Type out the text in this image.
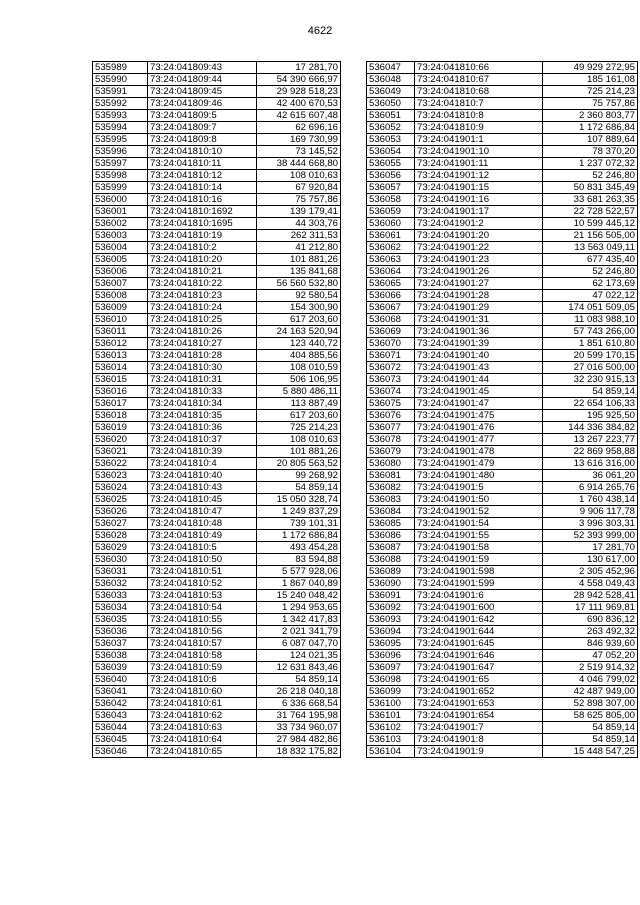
4622
535989	73:24:041809:43	17 281,70
535990	73:24:041809:44	54 390 666,97
535991	73:24:041809:45	29 928 518,23
535992	73:24:041809:46	42 400 670,53
535993	73:24:041809:5	42 615 607,48
535994	73:24:041809:7	62 696,16
535995	73:24:041809:8	169 730,99
535996	73:24:041810:10	73 145,52
535997	73:24:041810:11	38 444 668,80
535998	73:24:041810:12	108 010,63
535999	73:24:041810:14	67 920,84
536000	73:24:041810:16	75 757,86
536001	73:24:041810:1692	139 179,41
536002	73:24:041810:1695	44 303,76
536003	73:24:041810:19	262 311,53
536004	73:24:041810:2	41 212,80
536005	73:24:041810:20	101 881,26
536006	73:24:041810:21	135 841,68
536007	73:24:041810:22	56 560 532,80
536008	73:24:041810:23	92 580,54
536009	73:24:041810:24	154 300,90
536010	73:24:041810:25	617 203,60
536011	73:24:041810:26	24 163 520,94
536012	73:24:041810:27	123 440,72
536013	73:24:041810:28	404 885,56
536014	73:24:041810:30	108 010,59
536015	73:24:041810:31	506 106,95
536016	73:24:041810:33	5 880 486,11
536017	73:24:041810:34	113 887,49
536018	73:24:041810:35	617 203,60
536019	73:24:041810:36	725 214,23
536020	73:24:041810:37	108 010,63
536021	73:24:041810:39	101 881,26
536022	73:24:041810:4	20 805 563,52
536023	73:24:041810:40	99 268,92
536024	73:24:041810:43	54 859,14
536025	73:24:041810:45	15 050 328,74
536026	73:24:041810:47	1 249 837,29
536027	73:24:041810:48	739 101,31
536028	73:24:041810:49	1 172 686,84
536029	73:24:041810:5	493 454,28
536030	73:24:041810:50	83 594,88
536031	73:24:041810:51	5 577 928,06
536032	73:24:041810:52	1 867 040,89
536033	73:24:041810:53	15 240 048,42
536034	73:24:041810:54	1 294 953,65
536035	73:24:041810:55	1 342 417,83
536036	73:24:041810:56	2 021 341,79
536037	73:24:041810:57	6 087 047,70
536038	73:24:041810:58	124 021,35
536039	73:24:041810:59	12 631 843,46
536040	73:24:041810:6	54 859,14
536041	73:24:041810:60	26 218 040,18
536042	73:24:041810:61	6 336 668,54
536043	73:24:041810:62	31 764 195,98
536044	73:24:041810:63	33 734 960,07
536045	73:24:041810:64	27 984 482,86
536046	73:24:041810:65	18 832 175,82
536047	73:24:041810:66	49 929 272,95
536048	73:24:041810:67	185 161,08
536049	73:24:041810:68	725 214,23
536050	73:24:041810:7	75 757,86
536051	73:24:041810:8	2 360 803,77
536052	73:24:041810:9	1 172 686,84
536053	73:24:041901:1	107 889,64
536054	73:24:041901:10	78 370,20
536055	73:24:041901:11	1 237 072,32
536056	73:24:041901:12	52 246,80
536057	73:24:041901:15	50 831 345,49
536058	73:24:041901:16	33 681 263,35
536059	73:24:041901:17	22 728 522,57
536060	73:24:041901:2	10 599 445,12
536061	73:24:041901:20	21 156 505,00
536062	73:24:041901:22	13 563 049,11
536063	73:24:041901:23	677 435,40
536064	73:24:041901:26	52 246,80
536065	73:24:041901:27	62 173,69
536066	73:24:041901:28	47 022,12
536067	73:24:041901:29	174 051 509,05
536068	73:24:041901:31	11 083 988,10
536069	73:24:041901:36	57 743 266,00
536070	73:24:041901:39	1 851 610,80
536071	73:24:041901:40	20 599 170,15
536072	73:24:041901:43	27 016 500,00
536073	73:24:041901:44	32 230 915,13
536074	73:24:041901:45	54 859,14
536075	73:24:041901:47	22 654 106,33
536076	73:24:041901:475	195 925,50
536077	73:24:041901:476	144 336 384,82
536078	73:24:041901:477	13 267 223,77
536079	73:24:041901:478	22 869 958,88
536080	73:24:041901:479	13 616 316,00
536081	73:24:041901:480	36 061,20
536082	73:24:041901:5	6 914 265,76
536083	73:24:041901:50	1 760 438,14
536084	73:24:041901:52	9 906 117,78
536085	73:24:041901:54	3 996 303,31
536086	73:24:041901:55	52 393 999,00
536087	73:24:041901:58	17 281,70
536088	73:24:041901:59	130 617,00
536089	73:24:041901:598	2 305 452,96
536090	73:24:041901:599	4 558 049,43
536091	73:24:041901:6	28 942 528,41
536092	73:24:041901:600	17 111 969,81
536093	73:24:041901:642	690 836,12
536094	73:24:041901:644	263 492,32
536095	73:24:041901:645	846 939,60
536096	73:24:041901:646	47 052,20
536097	73:24:041901:647	2 519 914,32
536098	73:24:041901:65	4 046 799,02
536099	73:24:041901:652	42 487 949,00
536100	73:24:041901:653	52 898 307,00
536101	73:24:041901:654	58 625 805,00
536102	73:24:041901:7	54 859,14
536103	73:24:041901:8	54 859,14
536104	73:24:041901:9	15 448 547,25
